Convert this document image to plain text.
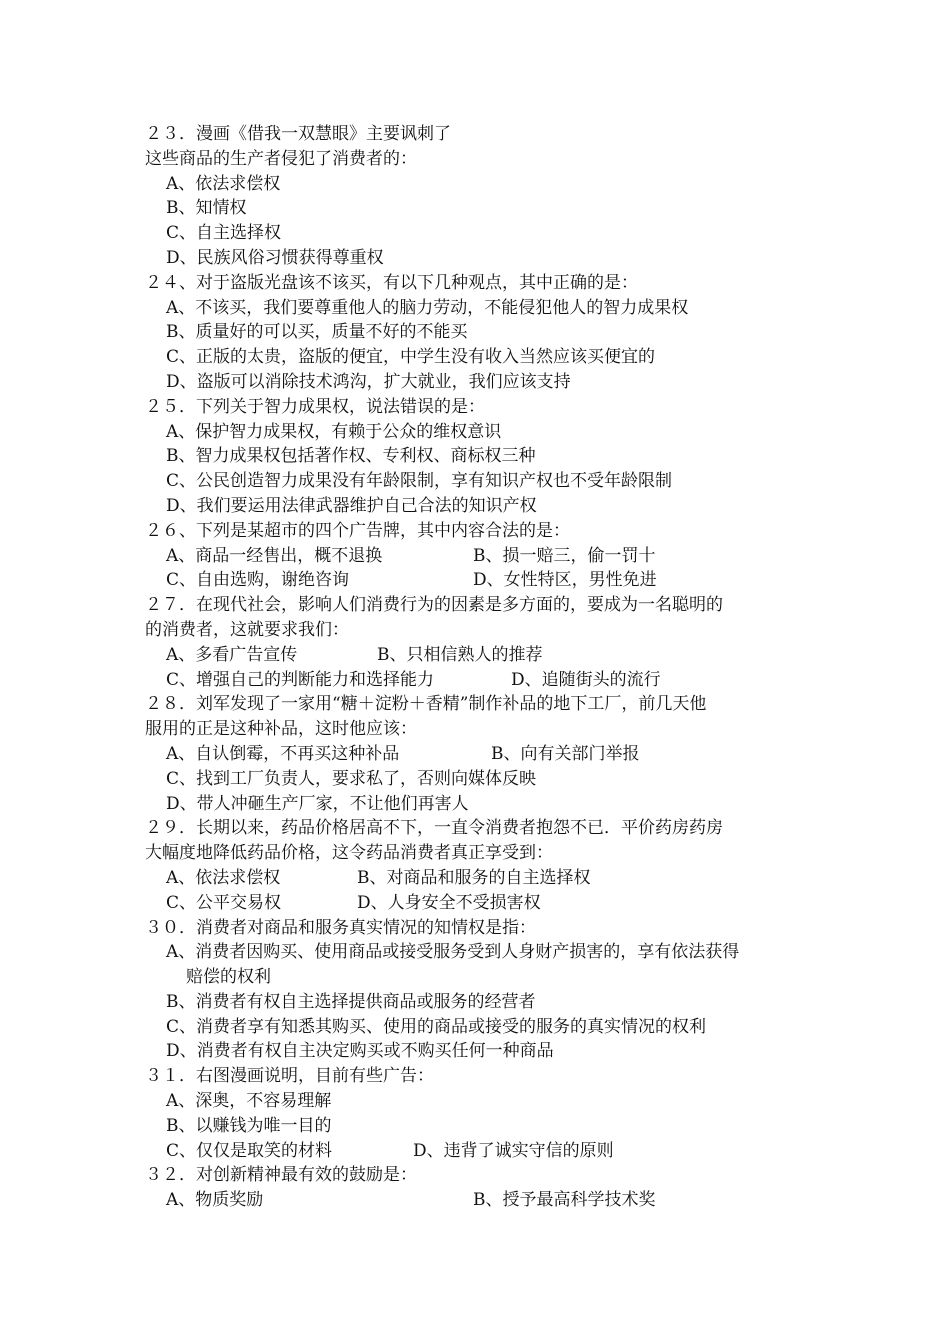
２３．漫画《借我一双慧眼》主要讽刺了
这些商品的生产者侵犯了消费者的：
A、依法求偿权
B、知情权
C、自主选择权
D、民族风俗习惯获得尊重权
２４、对于盗版光盘该不该买，有以下几种观点，其中正确的是：
A、不该买，我们要尊重他人的脑力劳动，不能侵犯他人的智力成果权
B、质量好的可以买，质量不好的不能买
C、正版的太贵，盗版的便宜，中学生没有收入当然应该买便宜的
D、盗版可以消除技术鸿沟，扩大就业，我们应该支持
２５．下列关于智力成果权，说法错误的是：
A、保护智力成果权，有赖于公众的维权意识
B、智力成果权包括著作权、专利权、商标权三种
C、公民创造智力成果没有年龄限制，享有知识产权也不受年龄限制
D、我们要运用法律武器维护自己合法的知识产权
２６、下列是某超市的四个广告牌，其中内容合法的是：
A、商品一经售出，概不退换	B、损一赔三，偷一罚十
C、自由选购，谢绝咨询	D、女性特区，男性免进
２７．在现代社会，影响人们消费行为的因素是多方面的，要成为一名聪明的
的消费者，这就要求我们：
A、多看广告宣传	B、只相信熟人的推荐
C、增强自己的判断能力和选择能力	D、追随街头的流行
２８．刘军发现了一家用“糖＋淀粉＋香精”制作补品的地下工厂，前几天他
服用的正是这种补品，这时他应该：
A、自认倒霉，不再买这种补品	B、向有关部门举报
C、找到工厂负责人，要求私了，否则向媒体反映
D、带人冲砸生产厂家，不让他们再害人
２９．长期以来，药品价格居高不下，一直令消费者抱怨不已．平价药房药房
大幅度地降低药品价格，这令药品消费者真正享受到：
A、依法求偿权	B、对商品和服务的自主选择权
C、公平交易权	D、人身安全不受损害权
３０．消费者对商品和服务真实情况的知情权是指：
A、消费者因购买、使用商品或接受服务受到人身财产损害的，享有依法获得
赔偿的权利
B、消费者有权自主选择提供商品或服务的经营者
C、消费者享有知悉其购买、使用的商品或接受的服务的真实情况的权利
D、消费者有权自主决定购买或不购买任何一种商品
３１．右图漫画说明，目前有些广告：
A、深奥，不容易理解
B、以赚钱为唯一目的
C、仅仅是取笑的材料	D、违背了诚实守信的原则
３２．对创新精神最有效的鼓励是：
A、物质奖励	B、授予最高科学技术奖
